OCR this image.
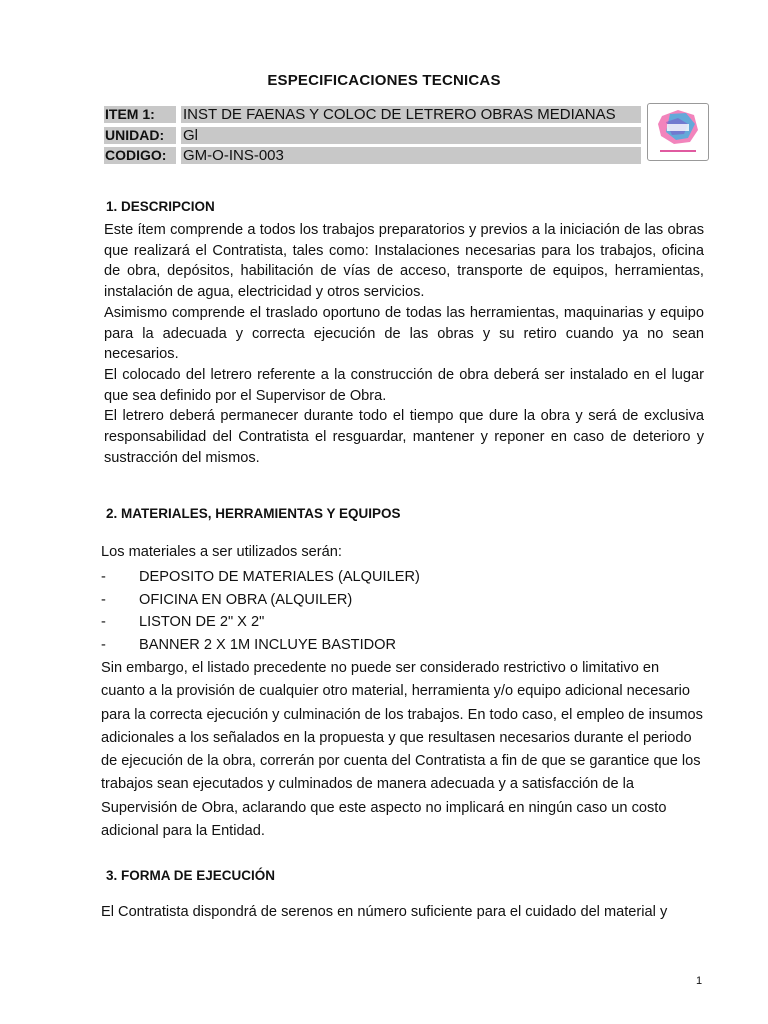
ESPECIFICACIONES TECNICAS
ITEM 1:	INST DE FAENAS Y COLOC DE LETRERO OBRAS MEDIANAS
UNIDAD:	Gl
CODIGO:	GM-O-INS-003
1. DESCRIPCION

Este ítem comprende a todos los trabajos preparatorios y previos a la iniciación de las obras que realizará el Contratista, tales como: Instalaciones necesarias para los trabajos, oficina de obra, depósitos, habilitación de vías de acceso, transporte de equipos, herramientas, instalación de agua, electricidad y otros servicios.

Asimismo comprende el traslado oportuno de todas las herramientas, maquinarias y equipo para la adecuada y correcta ejecución de las obras y su retiro cuando ya no sean necesarios.

El colocado del letrero referente a la construcción de obra deberá ser instalado en el lugar que sea definido por el Supervisor de Obra.

El letrero deberá permanecer durante todo el tiempo que dure la obra y será de exclusiva responsabilidad del Contratista el resguardar, mantener y reponer en caso de deterioro y sustracción del mismos.

2. MATERIALES, HERRAMIENTAS Y EQUIPOS
Los materiales a ser utilizados serán:
- DEPOSITO DE MATERIALES (ALQUILER)
- OFICINA EN OBRA (ALQUILER)
- LISTON DE 2" X 2"
- BANNER 2 X 1M INCLUYE BASTIDOR
Sin embargo, el listado precedente no puede ser considerado restrictivo o limitativo en cuanto a la provisión de cualquier otro material, herramienta y/o equipo adicional necesario para la correcta ejecución y culminación de los trabajos. En todo caso, el empleo de insumos adicionales a los señalados en la propuesta y que resultasen necesarios durante el periodo de ejecución de la obra, correrán por cuenta del Contratista a fin de que se garantice que los trabajos sean ejecutados y culminados de manera adecuada y a satisfacción de la Supervisión de Obra, aclarando que este aspecto no implicará en ningún caso un costo adicional para la Entidad.
3. FORMA DE EJECUCIÓN
El Contratista dispondrá de serenos en número suficiente para el cuidado del material y
1
